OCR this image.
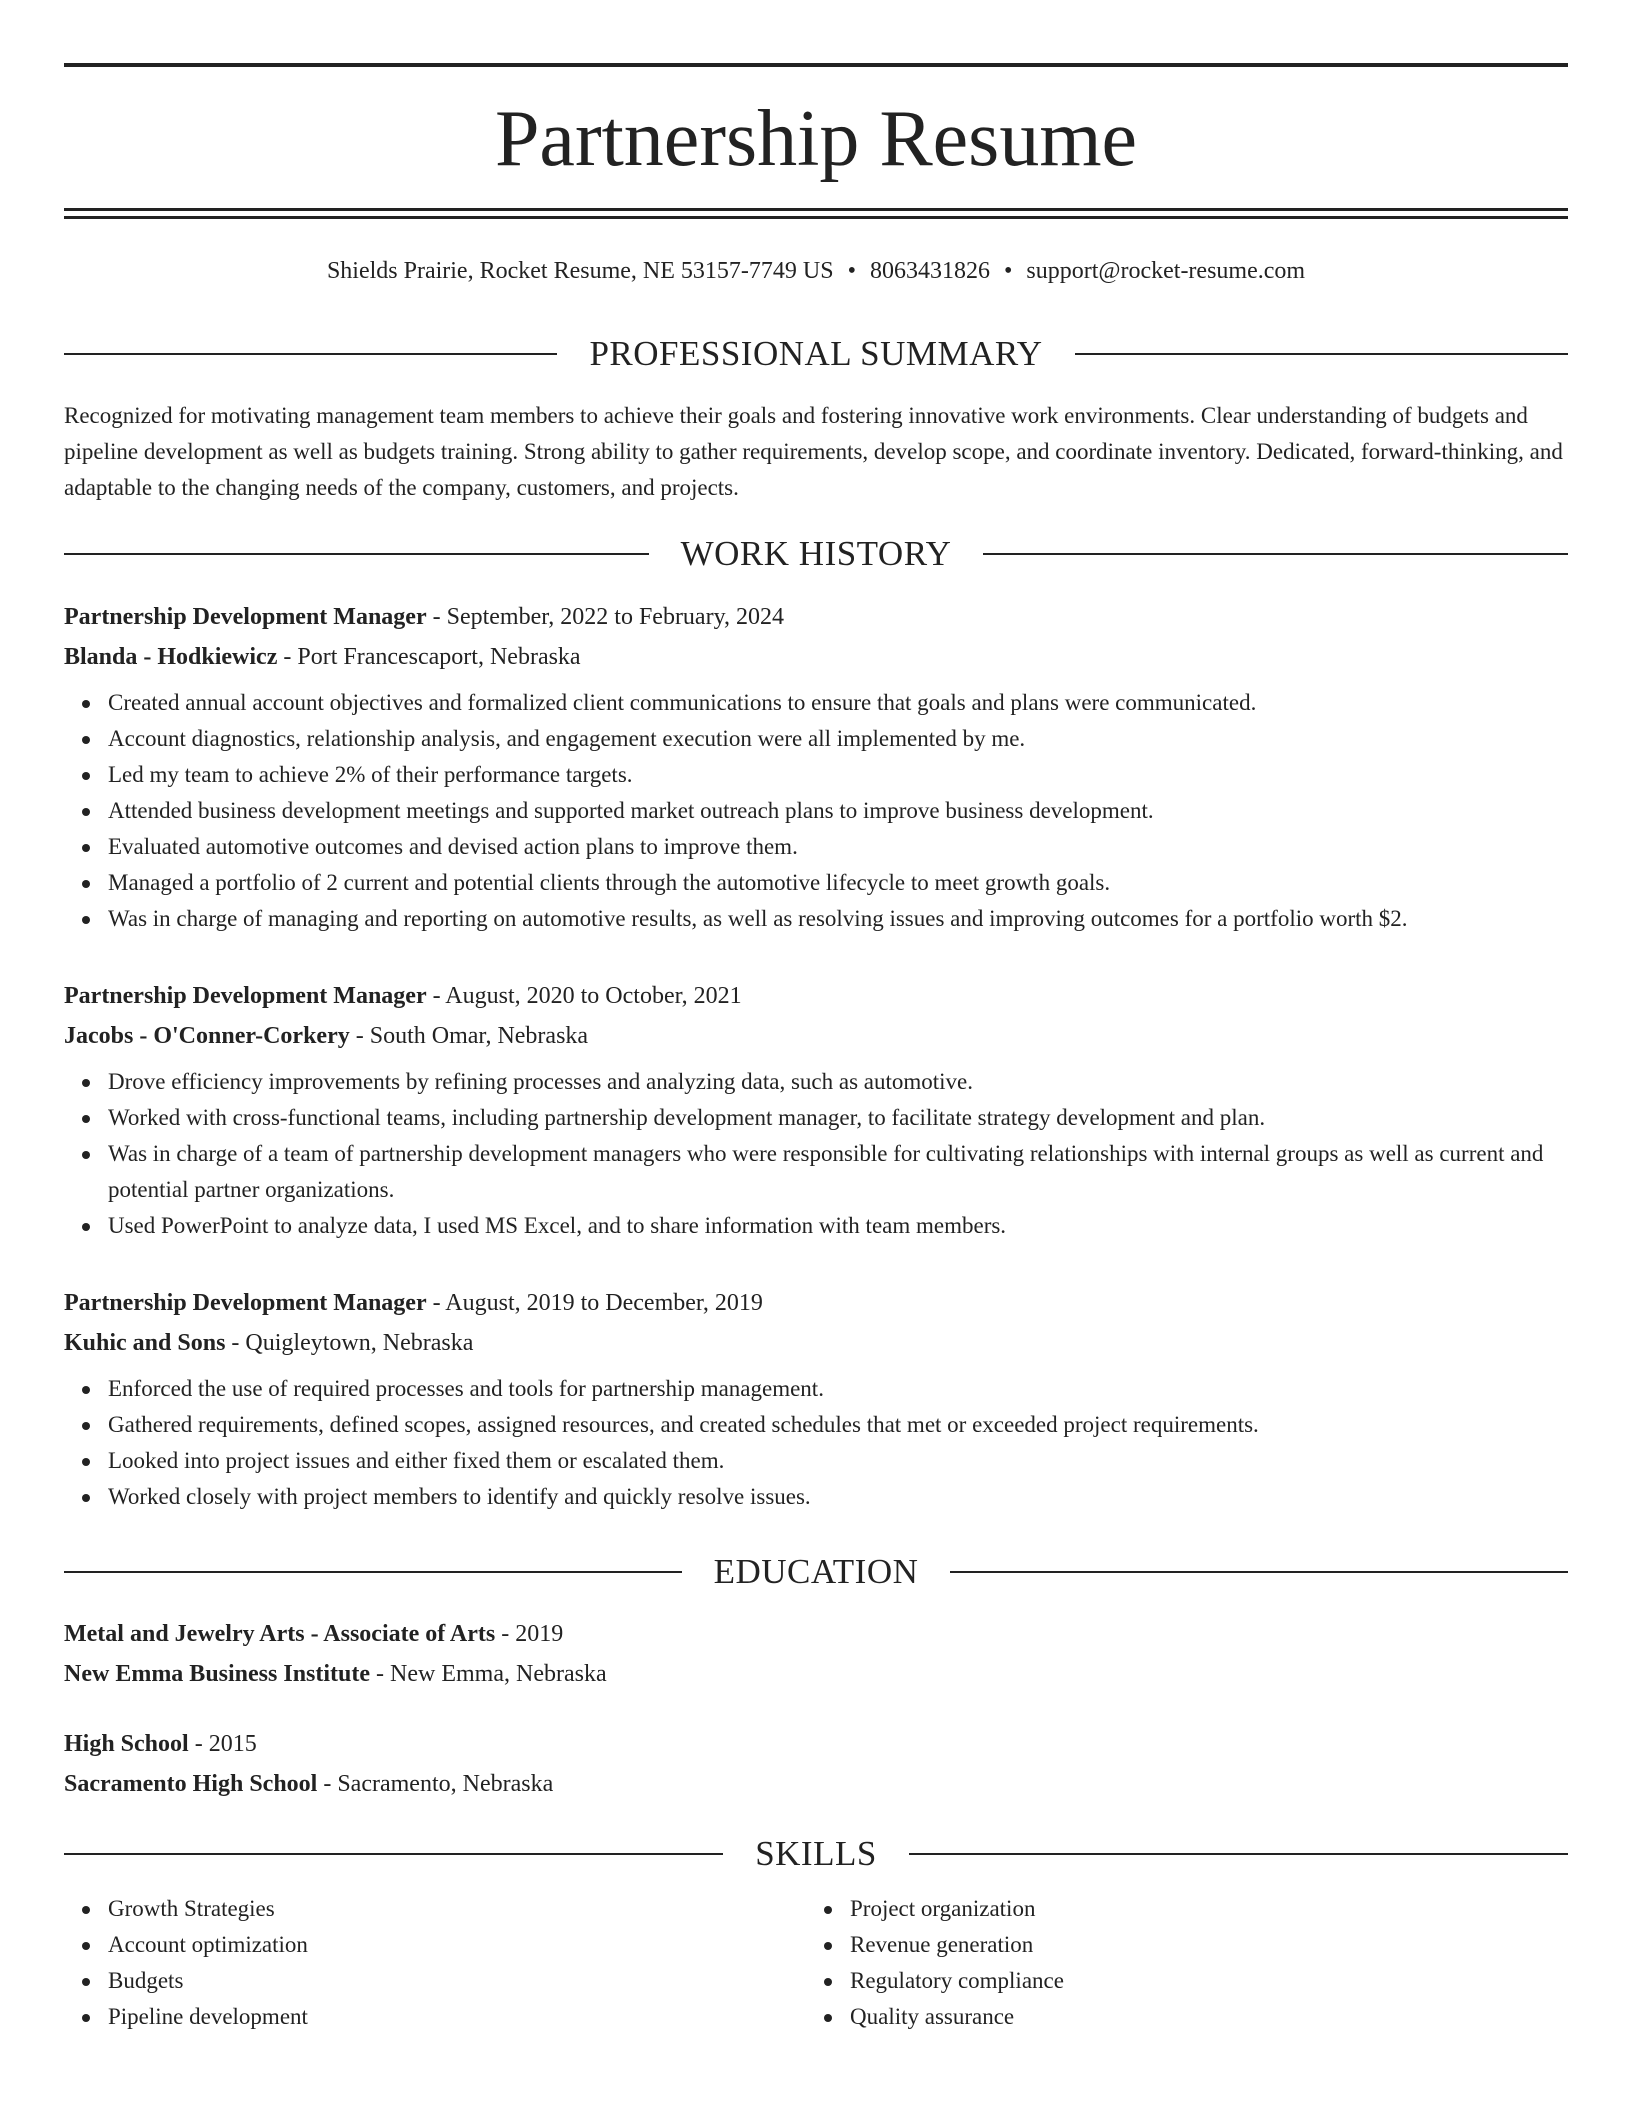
Partnership Resume
Shields Prairie, Rocket Resume, NE 53157-7749 US • 8063431826 • support@rocket-resume.com
PROFESSIONAL SUMMARY

Recognized for motivating management team members to achieve their goals and fostering innovative work environments. Clear understanding of budgets and pipeline development as well as budgets training. Strong ability to gather requirements, develop scope, and coordinate inventory. Dedicated, forward-thinking, and adaptable to the changing needs of the company, customers, and projects.

WORK HISTORY
Partnership Development Manager - September, 2022 to February, 2024
Blanda - Hodkiewicz - Port Francescaport, Nebraska
Created annual account objectives and formalized client communications to ensure that goals and plans were communicated.
Account diagnostics, relationship analysis, and engagement execution were all implemented by me.
Led my team to achieve 2% of their performance targets.
Attended business development meetings and supported market outreach plans to improve business development.
Evaluated automotive outcomes and devised action plans to improve them.
Managed a portfolio of 2 current and potential clients through the automotive lifecycle to meet growth goals.
Was in charge of managing and reporting on automotive results, as well as resolving issues and improving outcomes for a portfolio worth $2.
Partnership Development Manager - August, 2020 to October, 2021
Jacobs - O'Conner-Corkery - South Omar, Nebraska
Drove efficiency improvements by refining processes and analyzing data, such as automotive.
Worked with cross-functional teams, including partnership development manager, to facilitate strategy development and plan.
Was in charge of a team of partnership development managers who were responsible for cultivating relationships with internal groups as well as current and potential partner organizations.
Used PowerPoint to analyze data, I used MS Excel, and to share information with team members.
Partnership Development Manager - August, 2019 to December, 2019
Kuhic and Sons - Quigleytown, Nebraska
Enforced the use of required processes and tools for partnership management.
Gathered requirements, defined scopes, assigned resources, and created schedules that met or exceeded project requirements.
Looked into project issues and either fixed them or escalated them.
Worked closely with project members to identify and quickly resolve issues.
EDUCATION
Metal and Jewelry Arts - Associate of Arts - 2019
New Emma Business Institute - New Emma, Nebraska
High School - 2015
Sacramento High School - Sacramento, Nebraska
SKILLS
Growth Strategies
Account optimization
Budgets
Pipeline development
Project organization
Revenue generation
Regulatory compliance
Quality assurance
